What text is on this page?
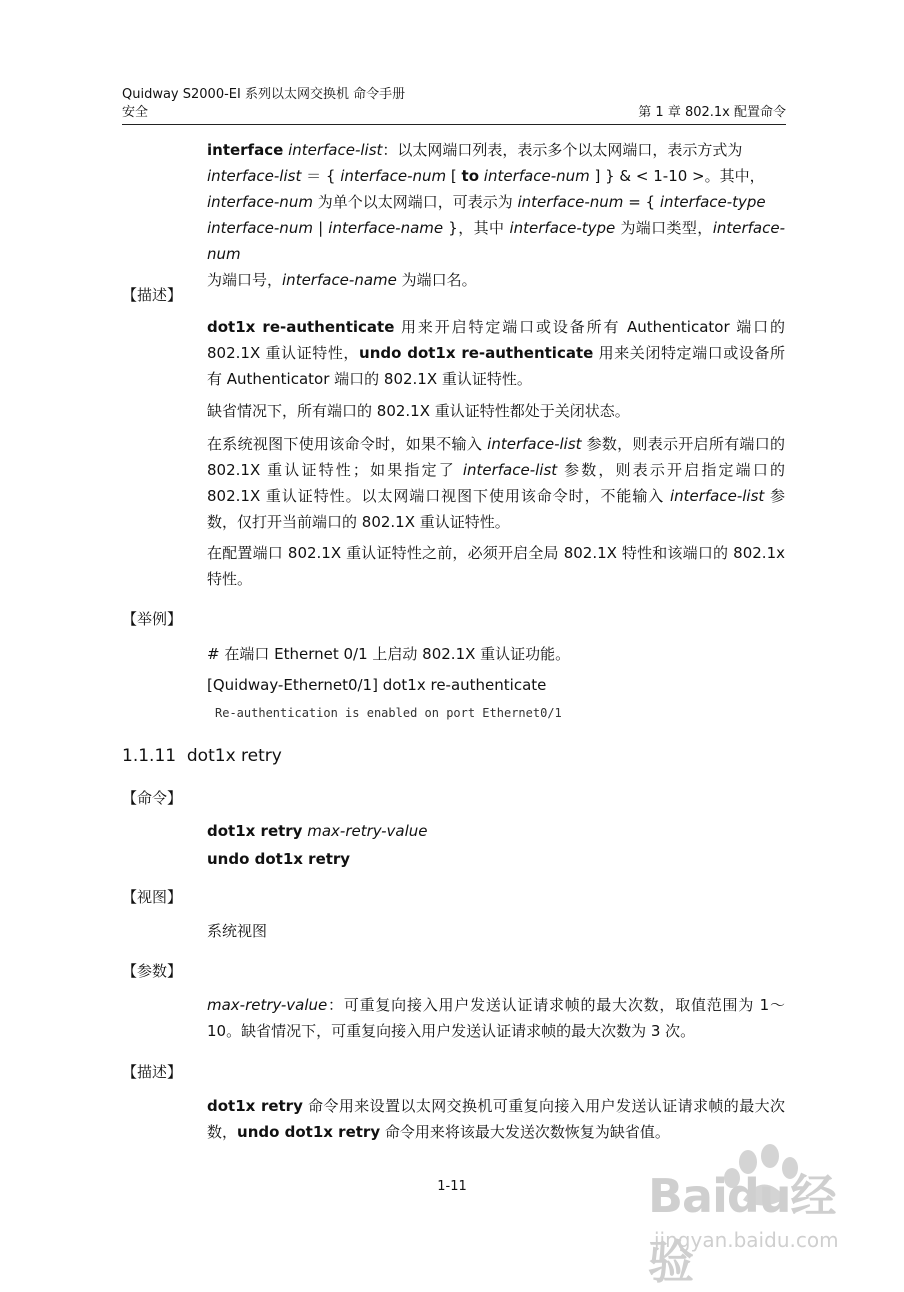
Quidway S2000-EI 系列以太网交换机 命令手册
安全	第 1 章 802.1x 配置命令

interface interface-list：以太网端口列表，表示多个以太网端口，表示方式为
interface-list ＝ { interface-num [ to interface-num ] } & < 1-10 >。其中，
interface-num 为单个以太网端口，可表示为 interface-num = { interface-type
interface-num | interface-name }，其中 interface-type 为端口类型，interface-num
为端口号，interface-name 为端口名。

【描述】

dot1x re-authenticate 用来开启特定端口或设备所有 Authenticator 端口的 802.1X 重认证特性，undo dot1x re-authenticate 用来关闭特定端口或设备所有 Authenticator 端口的 802.1X 重认证特性。

缺省情况下，所有端口的 802.1X 重认证特性都处于关闭状态。

在系统视图下使用该命令时，如果不输入 interface-list 参数，则表示开启所有端口的 802.1X 重认证特性；如果指定了 interface-list 参数，则表示开启指定端口的 802.1X 重认证特性。以太网端口视图下使用该命令时，不能输入 interface-list 参数，仅打开当前端口的 802.1X 重认证特性。

在配置端口 802.1X 重认证特性之前，必须开启全局 802.1X 特性和该端口的 802.1x 特性。

【举例】

# 在端口 Ethernet 0/1 上启动 802.1X 重认证功能。

[Quidway-Ethernet0/1] dot1x re-authenticate

Re-authentication is enabled on port Ethernet0/1
1.1.11 dot1x retry
【命令】

dot1x retry max-retry-value

undo dot1x retry

【视图】

系统视图

【参数】

max-retry-value：可重复向接入用户发送认证请求帧的最大次数，取值范围为 1～10。缺省情况下，可重复向接入用户发送认证请求帧的最大次数为 3 次。

【描述】

dot1x retry 命令用来设置以太网交换机可重复向接入用户发送认证请求帧的最大次数，undo dot1x retry 命令用来将该最大发送次数恢复为缺省值。

1-11	Baidu经验
jingyan.baidu.com
